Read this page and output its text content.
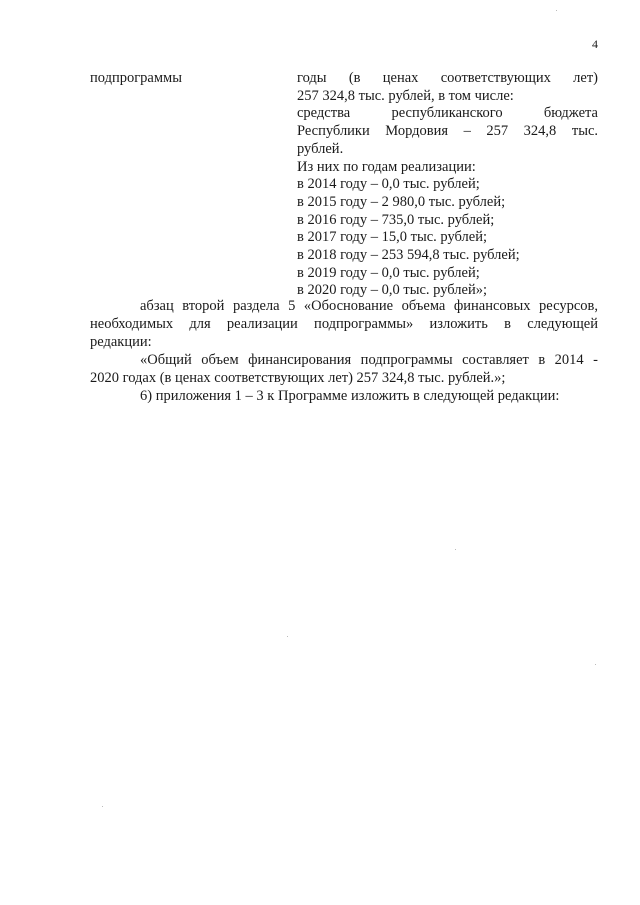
4
подпрограммы	годы (в ценах соответствующих лет)
257 324,8 тыс. рублей, в том числе:
средства республиканского бюджета
Республики Мордовия – 257 324,8 тыс.
рублей.
Из них по годам реализации:
в 2014 году – 0,0 тыс. рублей;
в 2015 году – 2 980,0 тыс. рублей;
в 2016 году – 735,0 тыс. рублей;
в 2017 году – 15,0 тыс. рублей;
в 2018 году – 253 594,8 тыс. рублей;
в 2019 году – 0,0 тыс. рублей;
в 2020 году – 0,0 тыс. рублей»;

абзац второй раздела 5 «Обоснование объема финансовых ресурсов,
необходимых для реализации подпрограммы» изложить в следующей
редакции:

«Общий объем финансирования подпрограммы составляет в 2014 -
2020 годах (в ценах соответствующих лет) 257 324,8 тыс. рублей.»;

6) приложения 1 – 3 к Программе изложить в следующей редакции:
